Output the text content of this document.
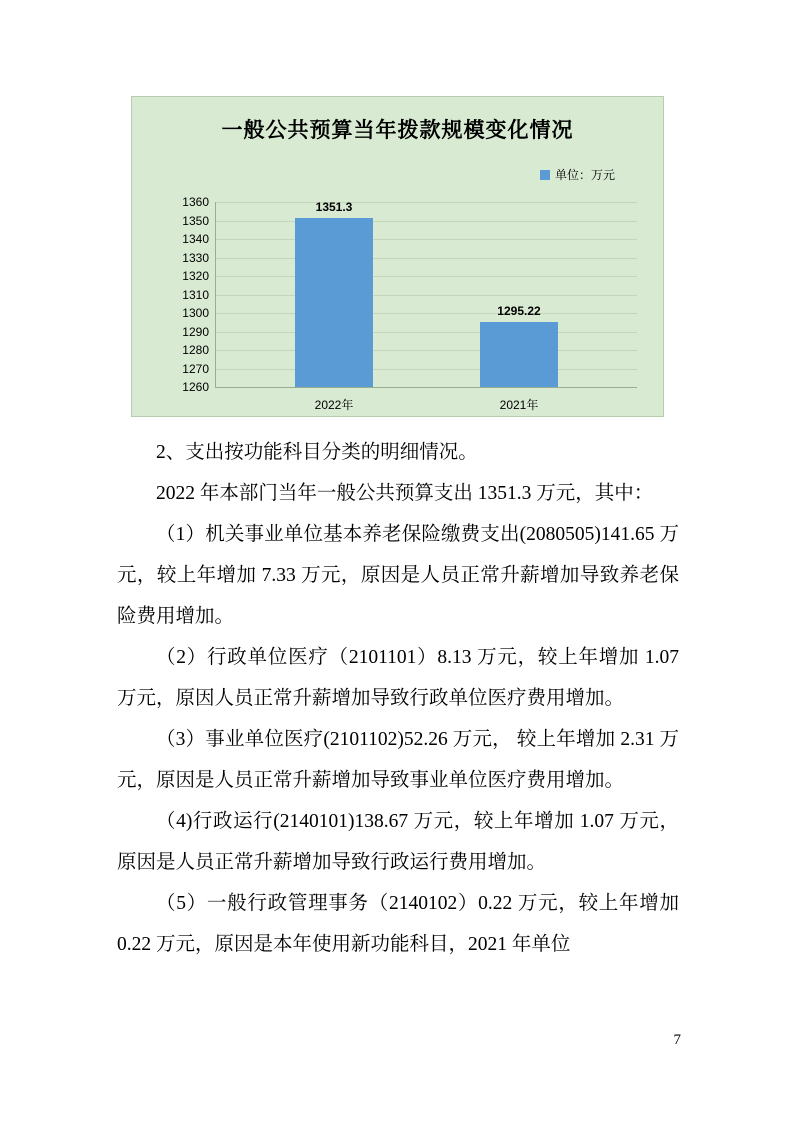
一般公共预算当年拨款规模变化情况
单位：万元
1360
1350
1340
1330
1320
1310
1300
1290
1280
1270
1260
1351.3
2022年
1295.22
2021年

2、支出按功能科目分类的明细情况。

2022 年本部门当年一般公共预算支出 1351.3 万元，其中：

（1）机关事业单位基本养老保险缴费支出(2080505)141.65 万元，较上年增加 7.33 万元，原因是人员正常升薪增加导致养老保险费用增加。

（2）行政单位医疗（2101101）8.13 万元，较上年增加 1.07 万元，原因人员正常升薪增加导致行政单位医疗费用增加。

（3）事业单位医疗(2101102)52.26 万元， 较上年增加 2.31 万元，原因是人员正常升薪增加导致事业单位医疗费用增加。

（4)行政运行(2140101)138.67 万元，较上年增加 1.07 万元，原因是人员正常升薪增加导致行政运行费用增加。

（5）一般行政管理事务（2140102）0.22 万元，较上年增加 0.22 万元，原因是本年使用新功能科目，2021 年单位

7
